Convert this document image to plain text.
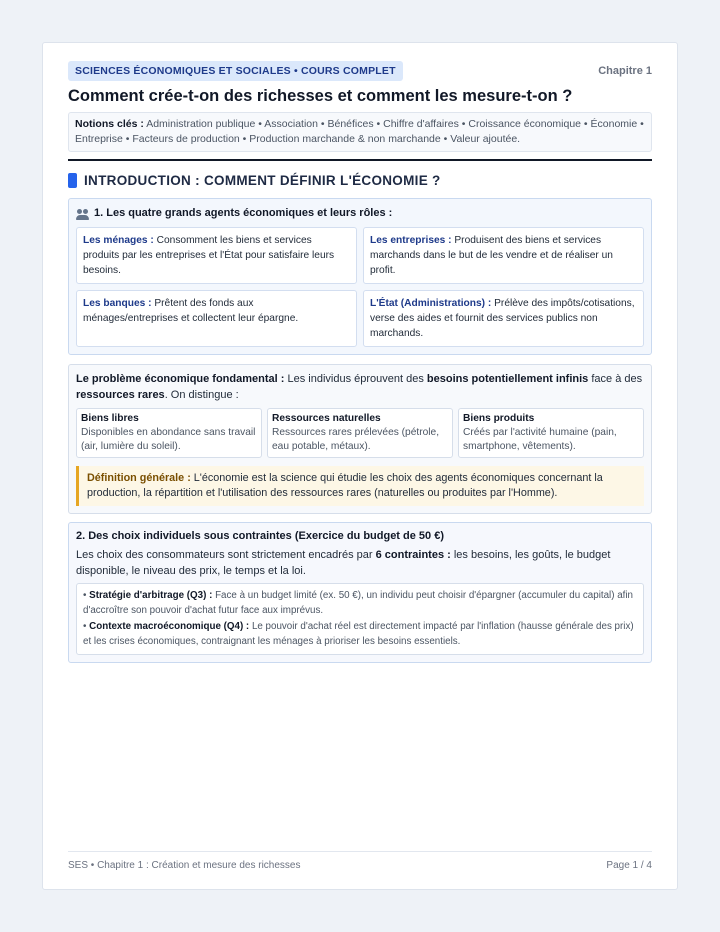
SCIENCES ÉCONOMIQUES ET SOCIALES • COURS COMPLET	Chapitre 1
Comment crée-t-on des richesses et comment les mesure-t-on ?
Notions clés : Administration publique • Association • Bénéfices • Chiffre d'affaires • Croissance économique • Économie • Entreprise • Facteurs de production • Production marchande & non marchande • Valeur ajoutée.
INTRODUCTION : COMMENT DÉFINIR L'ÉCONOMIE ?
1. Les quatre grands agents économiques et leurs rôles :
Les ménages : Consomment les biens et services produits par les entreprises et l'État pour satisfaire leurs besoins.
Les entreprises : Produisent des biens et services marchands dans le but de les vendre et de réaliser un profit.
Les banques : Prêtent des fonds aux ménages/entreprises et collectent leur épargne.
L'État (Administrations) : Prélève des impôts/cotisations, verse des aides et fournit des services publics non marchands.

Le problème économique fondamental : Les individus éprouvent des besoins potentiellement infinis face à des ressources rares. On distingue :

Biens libres
Disponibles en abondance sans travail (air, lumière du soleil).
Ressources naturelles
Ressources rares prélevées (pétrole, eau potable, métaux).
Biens produits
Créés par l'activité humaine (pain, smartphone, vêtements).
Définition générale : L'économie est la science qui étudie les choix des agents économiques concernant la production, la répartition et l'utilisation des ressources rares (naturelles ou produites par l'Homme).
2. Des choix individuels sous contraintes (Exercice du budget de 50 €)

Les choix des consommateurs sont strictement encadrés par 6 contraintes : les besoins, les goûts, le budget disponible, le niveau des prix, le temps et la loi.

• Stratégie d'arbitrage (Q3) : Face à un budget limité (ex. 50 €), un individu peut choisir d'épargner (accumuler du capital) afin d'accroître son pouvoir d'achat futur face aux imprévus.
• Contexte macroéconomique (Q4) : Le pouvoir d'achat réel est directement impacté par l'inflation (hausse générale des prix) et les crises économiques, contraignant les ménages à prioriser les besoins essentiels.
SES • Chapitre 1 : Création et mesure des richesses	Page 1 / 4
